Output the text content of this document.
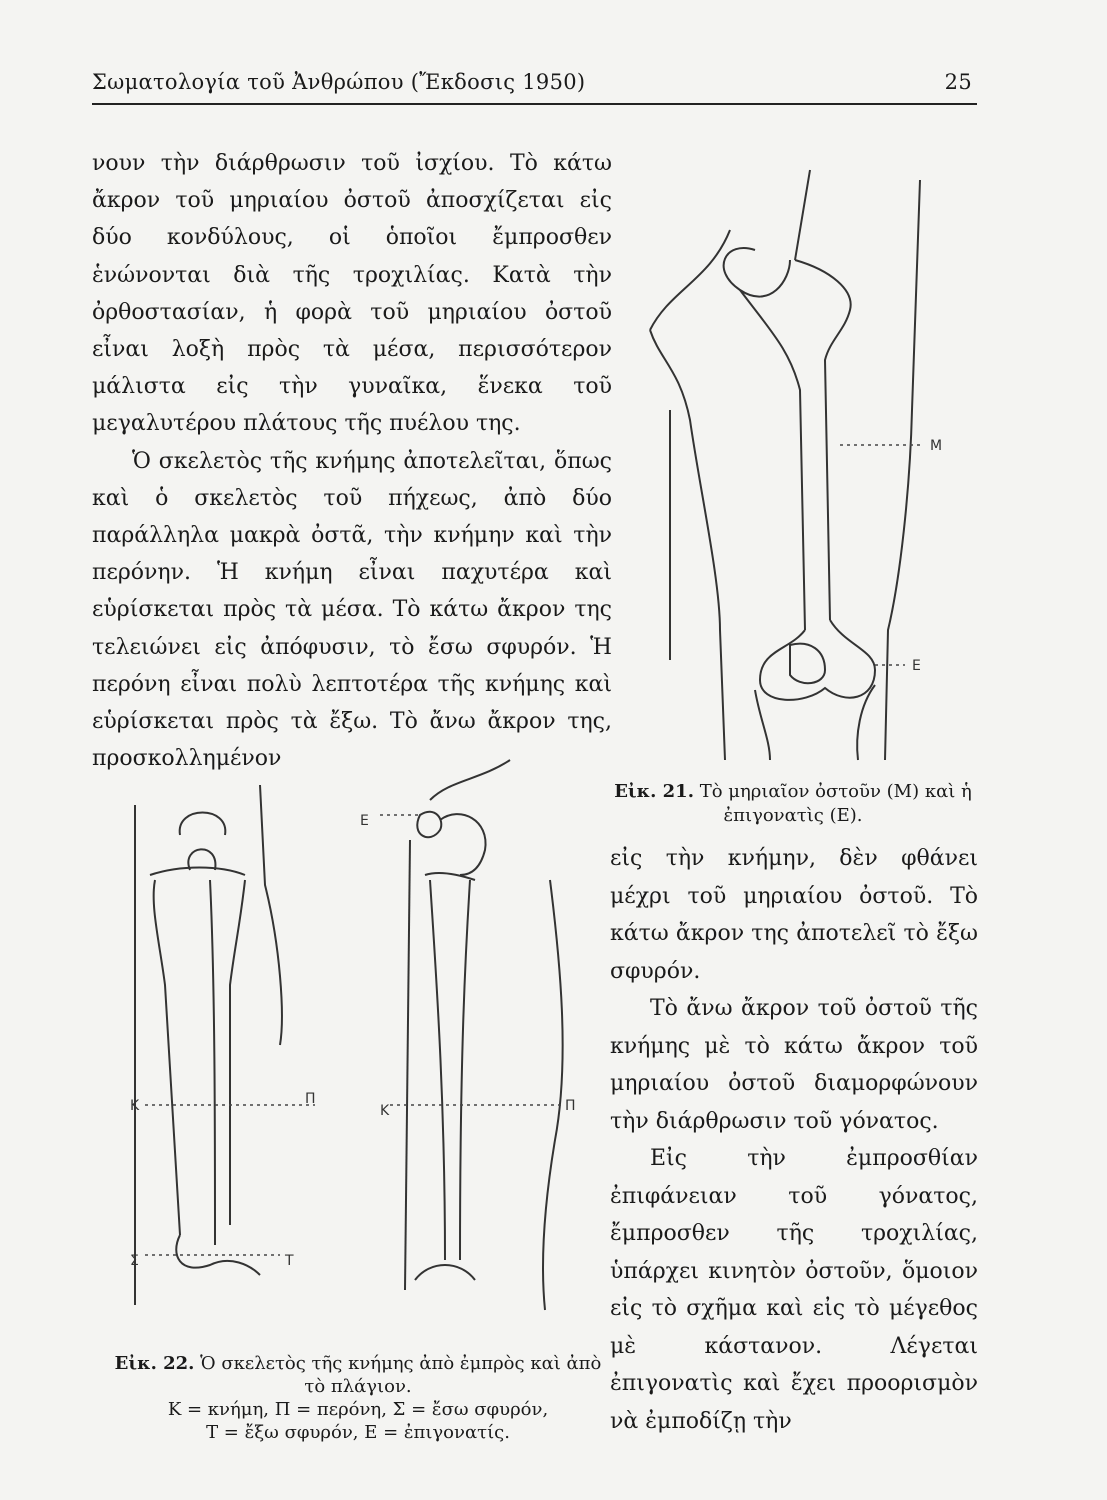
Σωματολογία τοῦ Ἀνθρώπου (Ἔκδοσις 1950)	25

νουν τὴν διάρθρωσιν τοῦ ἰσχίου. Τὸ κάτω ἄκρον τοῦ μηριαίου ὀστοῦ ἀποσχίζεται εἰς δύο κονδύλους, οἱ ὁποῖοι ἔμπροσθεν ἑνώνονται διὰ τῆς τροχιλίας. Κατὰ τὴν ὀρθοστασίαν, ἡ φορὰ τοῦ μηριαίου ὀστοῦ εἶναι λοξὴ πρὸς τὰ μέσα, περισσότερον μάλιστα εἰς τὴν γυναῖκα, ἕνεκα τοῦ μεγαλυτέρου πλάτους τῆς πυέλου της.

Ὁ σκελετὸς τῆς κνήμης ἀποτελεῖται, ὅπως καὶ ὁ σκελετὸς τοῦ πήχεως, ἀπὸ δύο παράλληλα μακρὰ ὀστᾶ, τὴν κνήμην καὶ τὴν περόνην. Ἡ κνήμη εἶναι παχυτέρα καὶ εὑρίσκεται πρὸς τὰ μέσα. Τὸ κάτω ἄκρον της τελειώνει εἰς ἀπόφυσιν, τὸ ἔσω σφυρόν. Ἡ περόνη εἶναι πολὺ λεπτοτέρα τῆς κνήμης καὶ εὑρίσκεται πρὸς τὰ ἔξω. Τὸ ἄνω ἄκρον της, προσκολλημένον

Μ
Ε
Εἰκ. 21. Τὸ μηριαῖον ὀστοῦν (Μ) καὶ ἡ ἐπιγονατὶς (Ε).

εἰς τὴν κνήμην, δὲν φθάνει μέχρι τοῦ μηριαίου ὀστοῦ. Τὸ κάτω ἄκρον της ἀποτελεῖ τὸ ἔξω σφυρόν.

Τὸ ἄνω ἄκρον τοῦ ὀστοῦ τῆς κνήμης μὲ τὸ κάτω ἄκρον τοῦ μηριαίου ὀστοῦ διαμορφώνουν τὴν διάρθρωσιν τοῦ γόνατος.

Εἰς τὴν ἐμπροσθίαν ἐπιφάνειαν τοῦ γόνατος, ἔμπροσθεν τῆς τροχιλίας, ὑπάρχει κινητὸν ὀστοῦν, ὅμοιον εἰς τὸ σχῆμα καὶ εἰς τὸ μέγεθος μὲ κάστανον. Λέγεται ἐπιγονατὶς καὶ ἔχει προορισμὸν νὰ ἐμποδίζῃ τὴν

Κ	Π
Σ	Τ
Κ	Π
Ε
Εἰκ. 22. Ὁ σκελετὸς τῆς κνήμης ἀπὸ ἐμπρὸς καὶ ἀπὸ τὸ πλάγιον.
Κ = κνήμη, Π = περόνη, Σ = ἔσω σφυρόν,
Τ = ἔξω σφυρόν, Ε = ἐπιγονατίς.
